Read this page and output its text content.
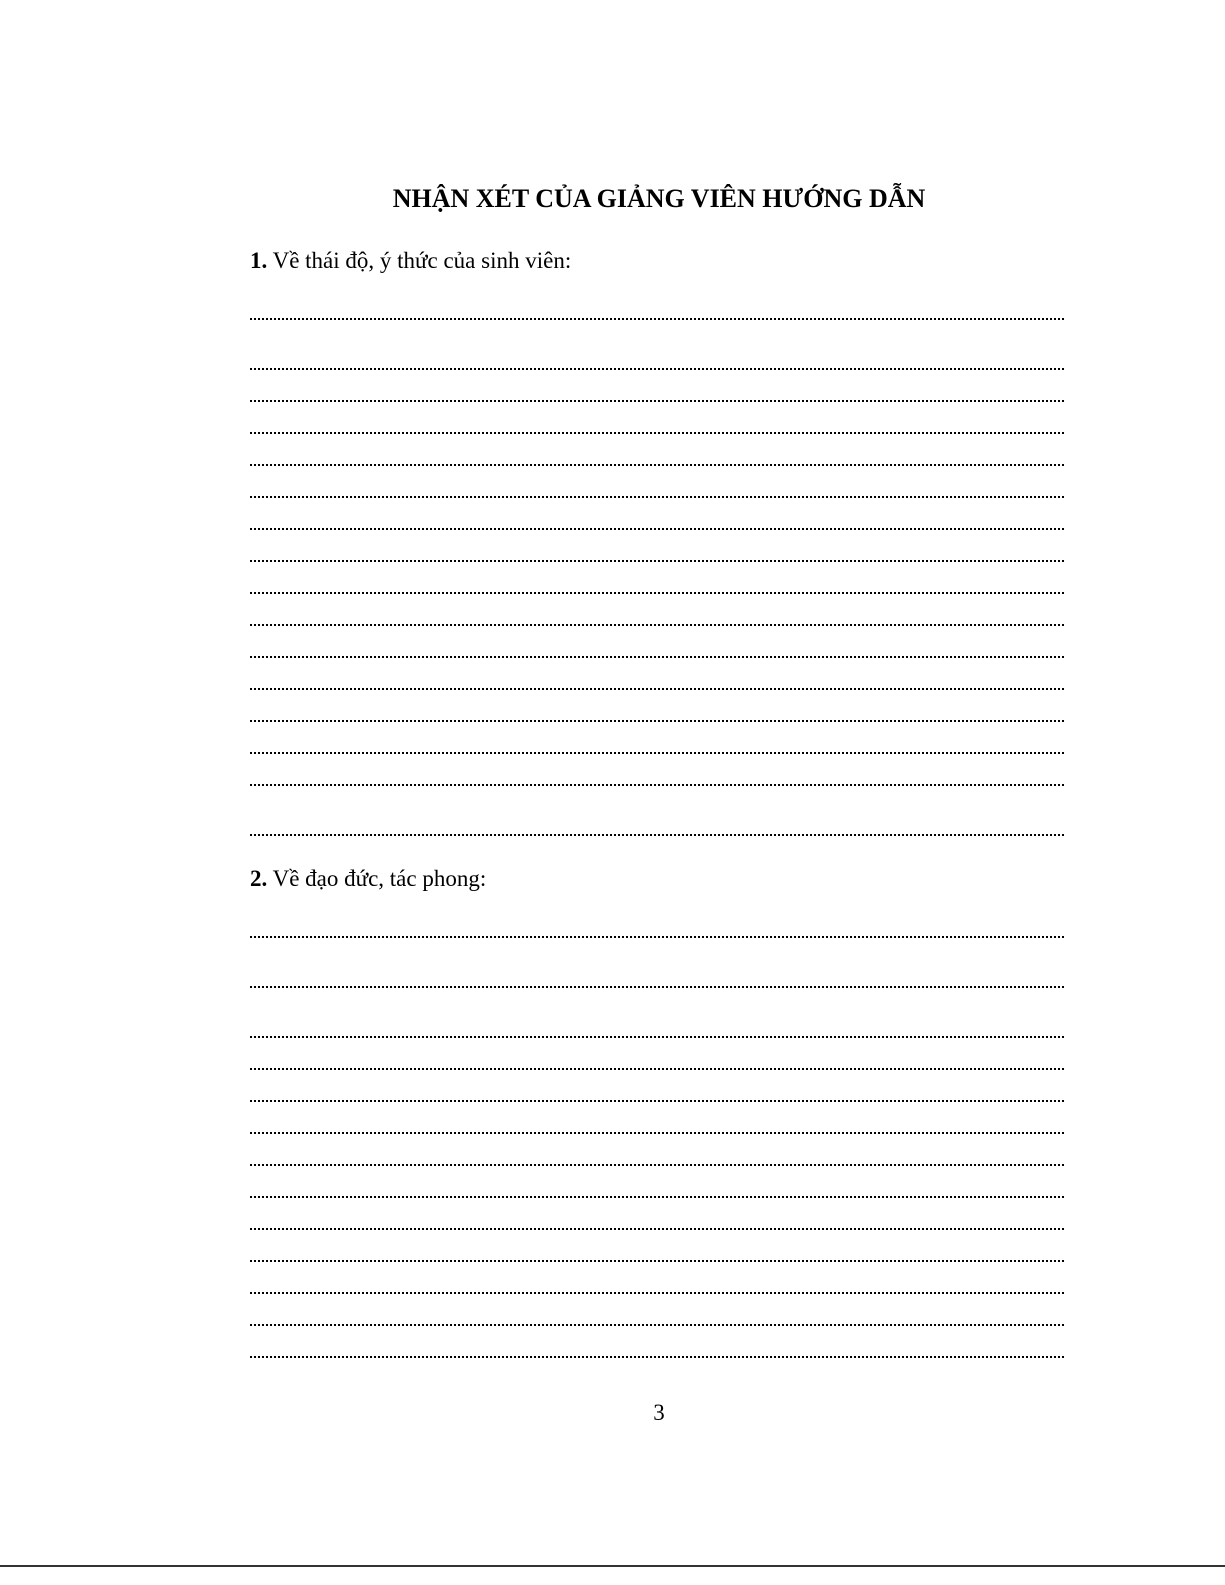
NHẬN XÉT CỦA GIẢNG VIÊN HƯỚNG DẪN
1. Về thái độ, ý thức của sinh viên:
2. Về đạo đức, tác phong:
3
